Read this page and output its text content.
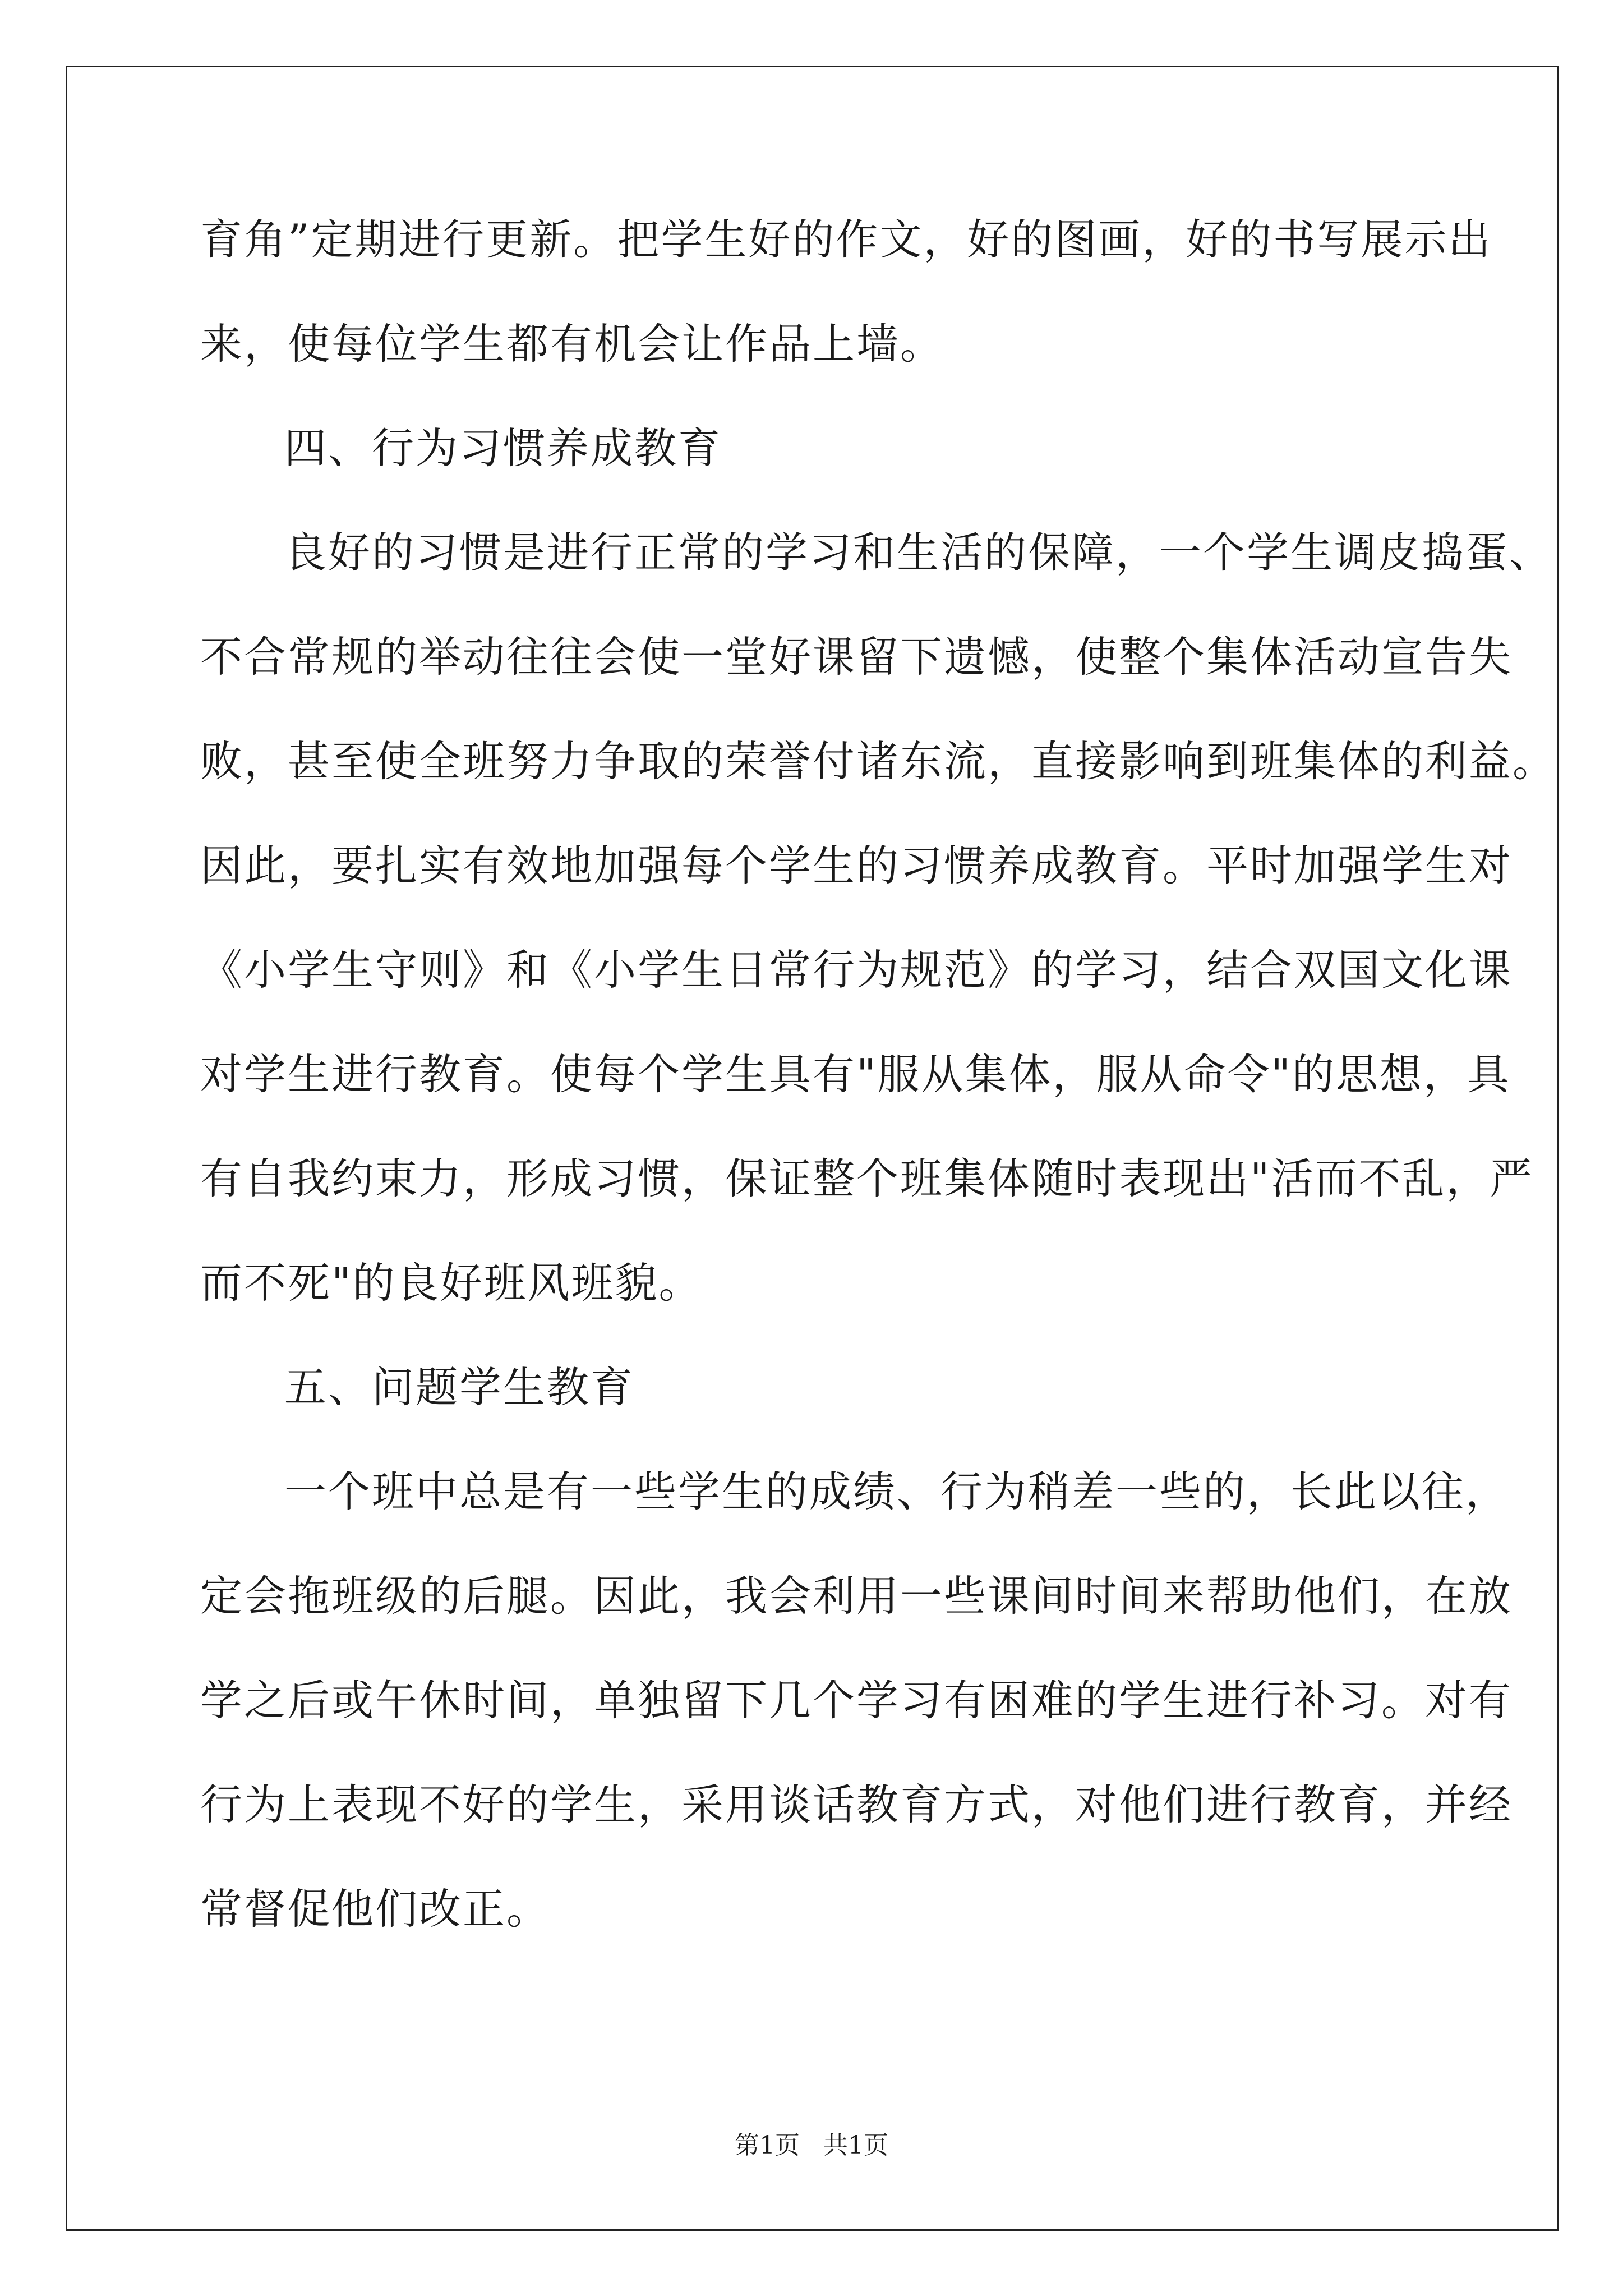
育角”定期进行更新。把学生好的作文，好的图画，好的书写展示出
来，使每位学生都有机会让作品上墙。
四、行为习惯养成教育
良好的习惯是进行正常的学习和生活的保障，一个学生调皮捣蛋、
不合常规的举动往往会使一堂好课留下遗憾，使整个集体活动宣告失
败，甚至使全班努力争取的荣誉付诸东流，直接影响到班集体的利益。
因此，要扎实有效地加强每个学生的习惯养成教育。平时加强学生对
《小学生守则》和《小学生日常行为规范》的学习，结合双国文化课
对学生进行教育。使每个学生具有"服从集体，服从命令"的思想，具
有自我约束力，形成习惯，保证整个班集体随时表现出"活而不乱，严
而不死"的良好班风班貌。
五、问题学生教育
一个班中总是有一些学生的成绩、行为稍差一些的，长此以往，
定会拖班级的后腿。因此，我会利用一些课间时间来帮助他们，在放
学之后或午休时间，单独留下几个学习有困难的学生进行补习。对有
行为上表现不好的学生，采用谈话教育方式，对他们进行教育，并经
常督促他们改正。
第1页   共1页
